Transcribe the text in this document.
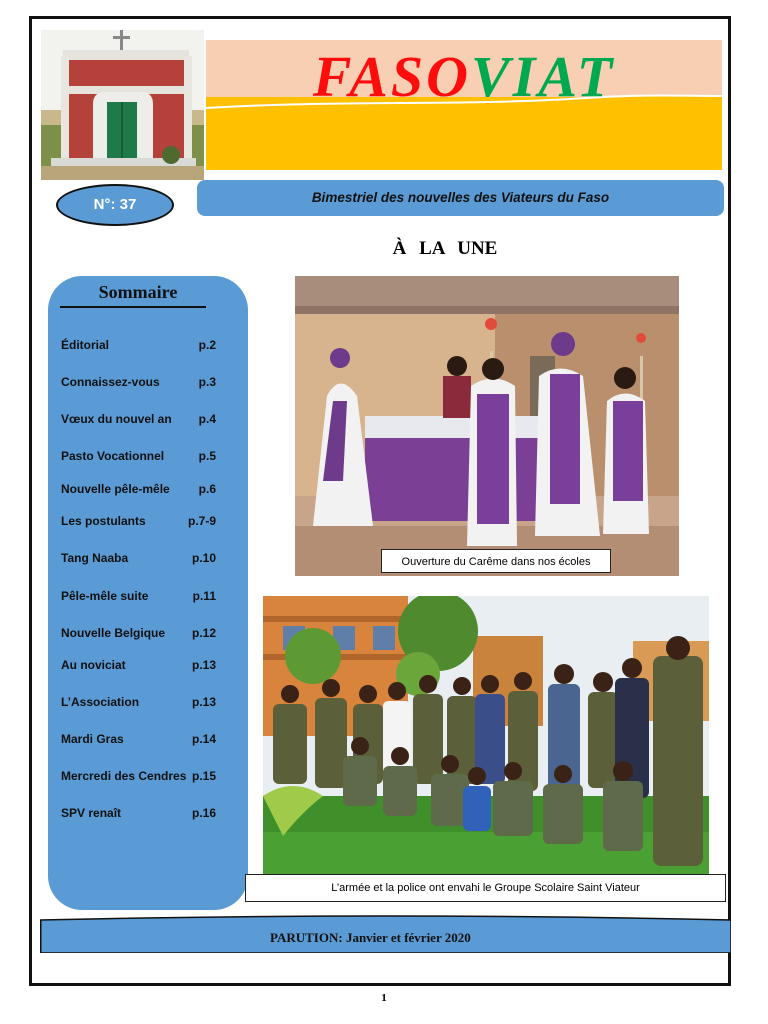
FASOVIAT
N°: 37	Bimestriel des nouvelles des Viateurs du Faso
À LA UNE
Sommaire
Éditorial	p.2
Connaissez-vous	p.3
Vœux du nouvel an p.4
Pasto Vocationnel	p.5
Nouvelle pêle-mêle p.6
Les postulants	p.7-9
Tang Naaba	p.10
Pêle-mêle suite	p.11
Nouvelle Belgique p.12
Au noviciat	p.13
L’Association	p.13
Mardi Gras	p.14
Mercredi des Cendres p.15
SPV renaît	p.16
Ouverture du Carême dans nos écoles
L’armée et la police ont envahi le Groupe Scolaire Saint Viateur
PARUTION: Janvier et février 2020
1
